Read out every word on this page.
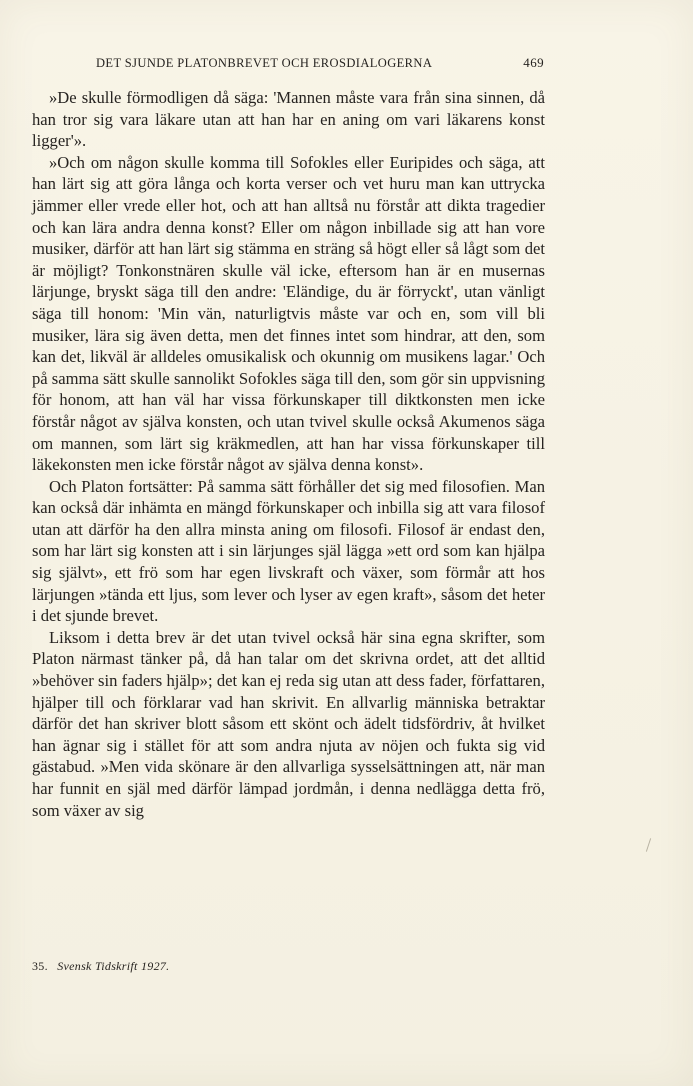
DET SJUNDE PLATONBREVET OCH EROSDIALOGERNA	469

»De skulle förmodligen då säga: 'Mannen måste vara från sina sinnen, då han tror sig vara läkare utan att han har en aning om vari läkarens konst ligger'».

»Och om någon skulle komma till Sofokles eller Euripides och säga, att han lärt sig att göra långa och korta verser och vet huru man kan uttrycka jämmer eller vrede eller hot, och att han alltså nu förstår att dikta tragedier och kan lära andra denna konst? Eller om någon inbillade sig att han vore musiker, därför att han lärt sig stämma en sträng så högt eller så lågt som det är möjligt? Tonkonstnären skulle väl icke, eftersom han är en musernas lärjunge, bryskt säga till den andre: 'Eländige, du är förryckt', utan vänligt säga till honom: 'Min vän, naturligtvis måste var och en, som vill bli musiker, lära sig även detta, men det finnes intet som hindrar, att den, som kan det, likväl är alldeles omusikalisk och okunnig om musikens lagar.' Och på samma sätt skulle sannolikt Sofokles säga till den, som gör sin uppvisning för honom, att han väl har vissa förkunskaper till diktkonsten men icke förstår något av själva konsten, och utan tvivel skulle också Akumenos säga om mannen, som lärt sig kräkmedlen, att han har vissa förkunskaper till läkekonsten men icke förstår något av själva denna konst».

Och Platon fortsätter: På samma sätt förhåller det sig med filosofien. Man kan också där inhämta en mängd förkunskaper och inbilla sig att vara filosof utan att därför ha den allra minsta aning om filosofi. Filosof är endast den, som har lärt sig konsten att i sin lärjunges själ lägga »ett ord som kan hjälpa sig självt», ett frö som har egen livskraft och växer, som förmår att hos lärjungen »tända ett ljus, som lever och lyser av egen kraft», såsom det heter i det sjunde brevet.

Liksom i detta brev är det utan tvivel också här sina egna skrifter, som Platon närmast tänker på, då han talar om det skrivna ordet, att det alltid »behöver sin faders hjälp»; det kan ej reda sig utan att dess fader, författaren, hjälper till och förklarar vad han skrivit. En allvarlig människa betraktar därför det han skriver blott såsom ett skönt och ädelt tidsfördriv, åt hvilket han ägnar sig i stället för att som andra njuta av nöjen och fukta sig vid gästabud. »Men vida skönare är den allvarliga sysselsättningen att, när man har funnit en själ med därför lämpad jordmån, i denna nedlägga detta frö, som växer av sig

35. Svensk Tidskrift 1927.
